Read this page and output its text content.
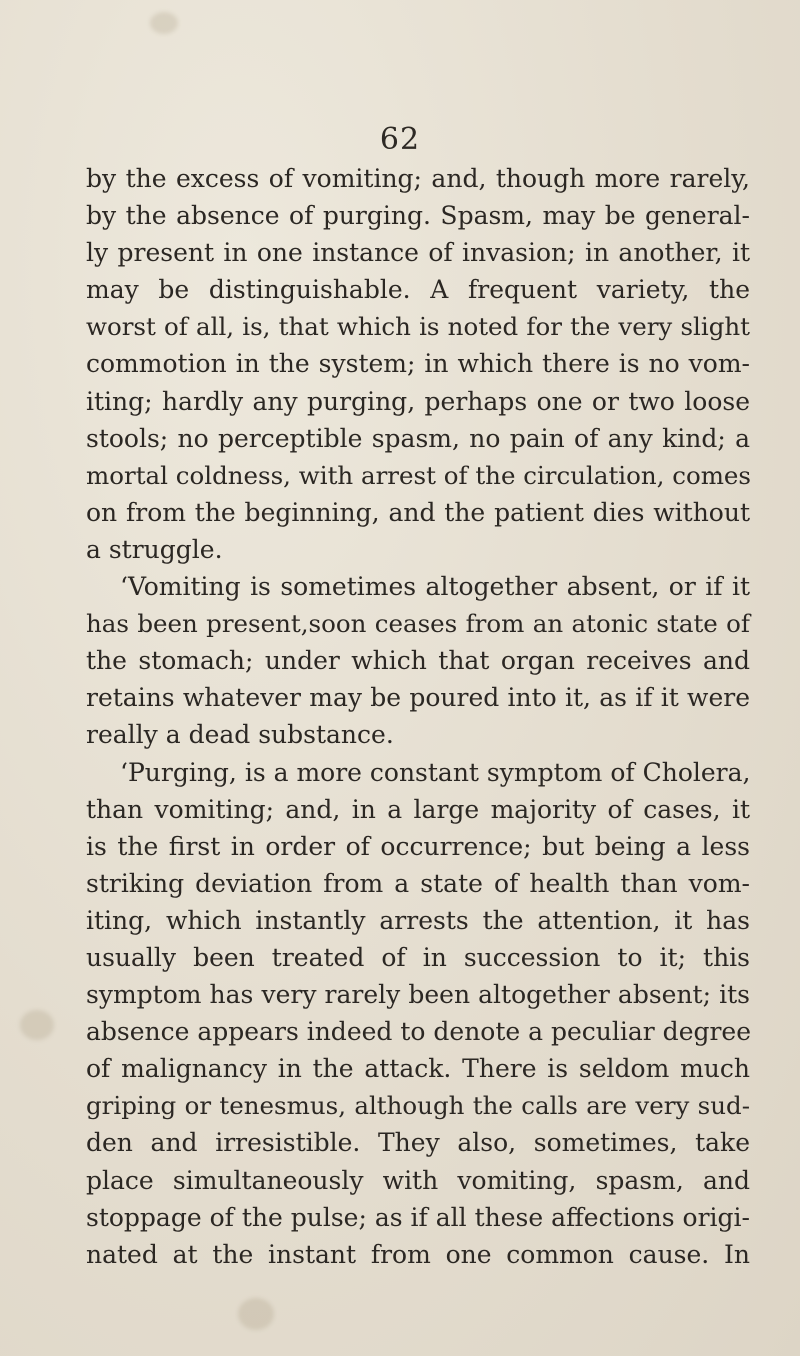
62
by the excess of vomiting; and, though more rarely,
by the absence of purging. Spasm, may be general-
ly present in one instance of invasion; in another, it
may be distinguishable. A frequent variety, the
worst of all, is, that which is noted for the very slight
commotion in the system; in which there is no vom-
iting; hardly any purging, perhaps one or two loose
stools; no perceptible spasm, no pain of any kind; a
mortal coldness, with arrest of the circulation, comes
on from the beginning, and the patient dies without
a struggle.
‘Vomiting is sometimes altogether absent, or if it
has been present,soon ceases from an atonic state of
the stomach; under which that organ receives and
retains whatever may be poured into it, as if it were
really a dead substance.
‘Purging, is a more constant symptom of Cholera,
than vomiting; and, in a large majority of cases, it
is the first in order of occurrence; but being a less
striking deviation from a state of health than vom-
iting, which instantly arrests the attention, it has
usually been treated of in succession to it; this
symptom has very rarely been altogether absent; its
absence appears indeed to denote a peculiar degree
of malignancy in the attack. There is seldom much
griping or tenesmus, although the calls are very sud-
den and irresistible. They also, sometimes, take
place simultaneously with vomiting, spasm, and
stoppage of the pulse; as if all these affections origi-
nated at the instant from one common cause. In
